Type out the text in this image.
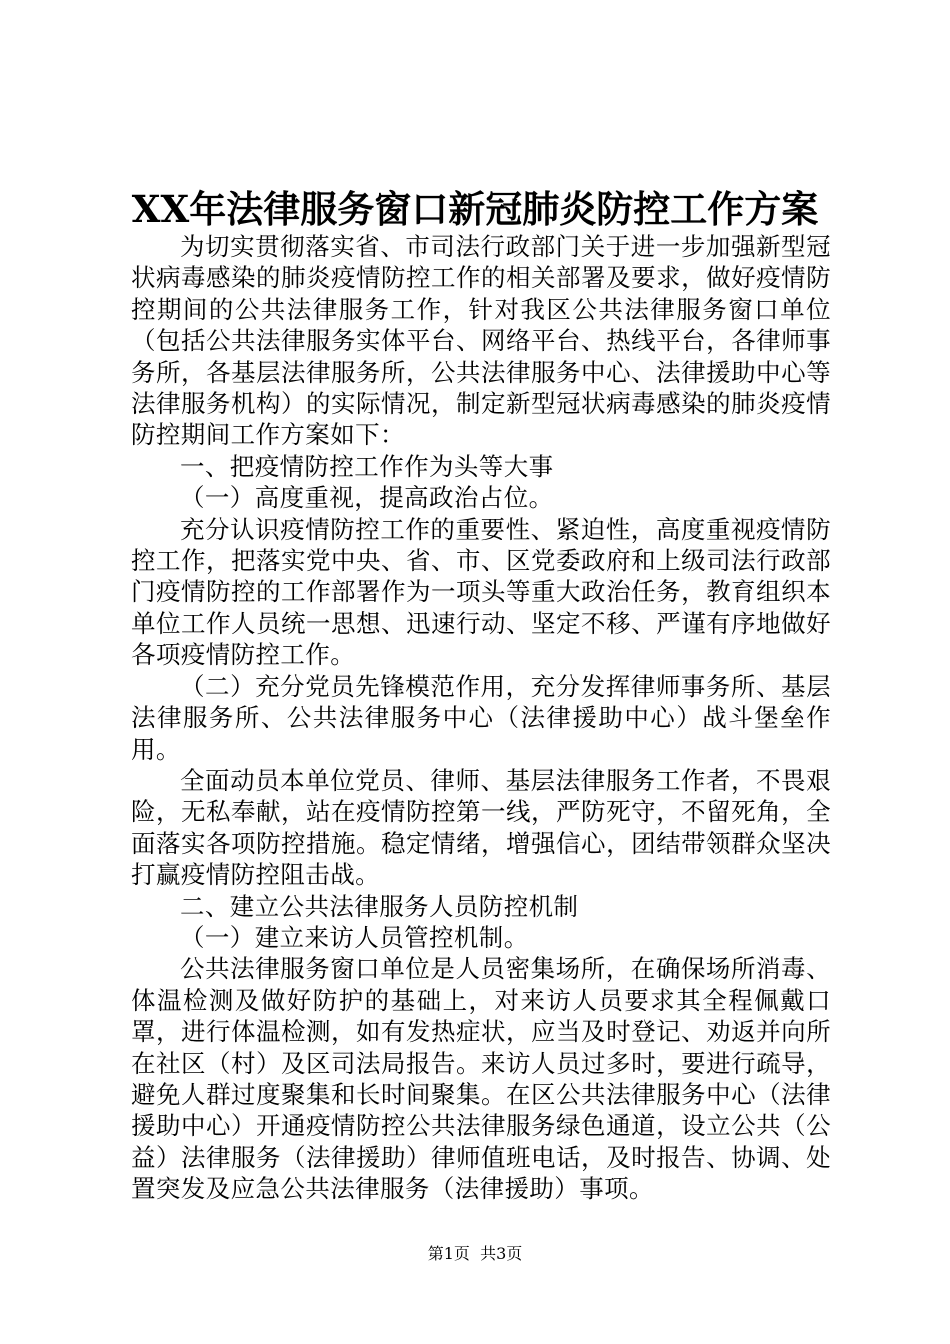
XX年法律服务窗口新冠肺炎防控工作方案

为切实贯彻落实省、市司法行政部门关于进一步加强新型冠状病毒感染的肺炎疫情防控工作的相关部署及要求，做好疫情防控期间的公共法律服务工作，针对我区公共法律服务窗口单位（包括公共法律服务实体平台、网络平台、热线平台，各律师事务所，各基层法律服务所，公共法律服务中心、法律援助中心等法律服务机构）的实际情况，制定新型冠状病毒感染的肺炎疫情防控期间工作方案如下：

一、把疫情防控工作作为头等大事

（一）高度重视，提高政治占位。

充分认识疫情防控工作的重要性、紧迫性，高度重视疫情防控工作，把落实党中央、省、市、区党委政府和上级司法行政部门疫情防控的工作部署作为一项头等重大政治任务，教育组织本单位工作人员统一思想、迅速行动、坚定不移、严谨有序地做好各项疫情防控工作。

（二）充分党员先锋模范作用，充分发挥律师事务所、基层法律服务所、公共法律服务中心（法律援助中心）战斗堡垒作用。

全面动员本单位党员、律师、基层法律服务工作者，不畏艰险，无私奉献，站在疫情防控第一线，严防死守，不留死角，全面落实各项防控措施。稳定情绪，增强信心，团结带领群众坚决打赢疫情防控阻击战。

二、建立公共法律服务人员防控机制

（一）建立来访人员管控机制。

公共法律服务窗口单位是人员密集场所，在确保场所消毒、体温检测及做好防护的基础上，对来访人员要求其全程佩戴口罩，进行体温检测，如有发热症状，应当及时登记、劝返并向所在社区（村）及区司法局报告。来访人员过多时，要进行疏导，避免人群过度聚集和长时间聚集。在区公共法律服务中心（法律援助中心）开通疫情防控公共法律服务绿色通道，设立公共（公益）法律服务（法律援助）律师值班电话，及时报告、协调、处置突发及应急公共法律服务（法律援助）事项。

第1页 共3页
